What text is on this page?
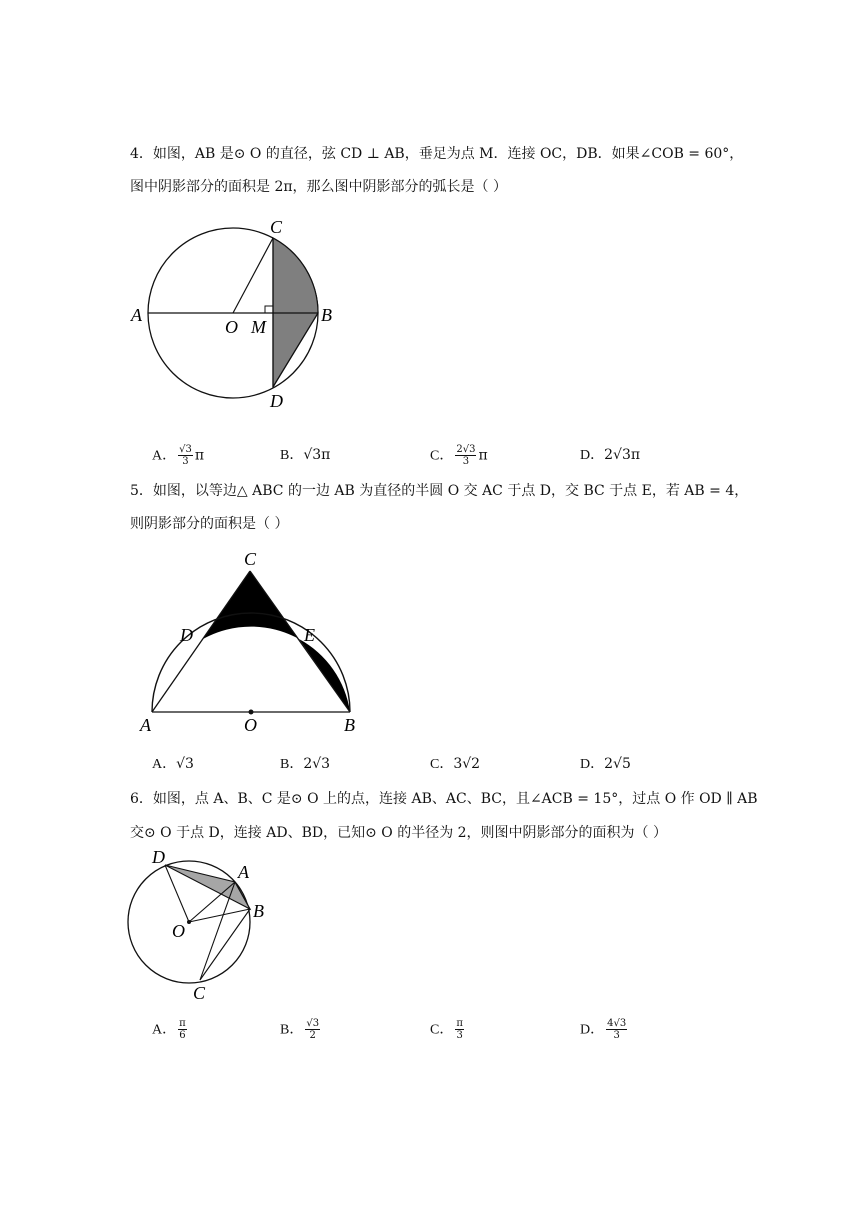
4．如图，AB 是⊙ O 的直径，弦 CD ⊥ AB，垂足为点 M．连接 OC，DB．如果∠COB = 60°，
图中阴影部分的面积是 2π，那么图中阴影部分的弧长是（ ）
A
O M
B
C
D
A． $\frac{√3}{3}$ π	B．√3π	C． $\frac{2√3}{3}$ π	D．2√3π
5．如图，以等边△ ABC 的一边 AB 为直径的半圆 O 交 AC 于点 D，交 BC 于点 E，若 AB = 4，
则阴影部分的面积是（ ）
C
D	E
A	O	B
A．√3	B．2√3	C．3√2	D．2√5
6．如图，点 A、B、C 是⊙ O 上的点，连接 AB、AC、BC，且∠ACB = 15°，过点 O 作 OD ∥ AB
交⊙ O 于点 D，连接 AD、BD，已知⊙ O 的半径为 2，则图中阴影部分的面积为（ ）
D
A
B
O
C
A． $\frac{\pi}{6}$	B． $\frac{√3}{2}$	C． $\frac{\pi}{3}$	D． $\frac{4√3}{3}$
